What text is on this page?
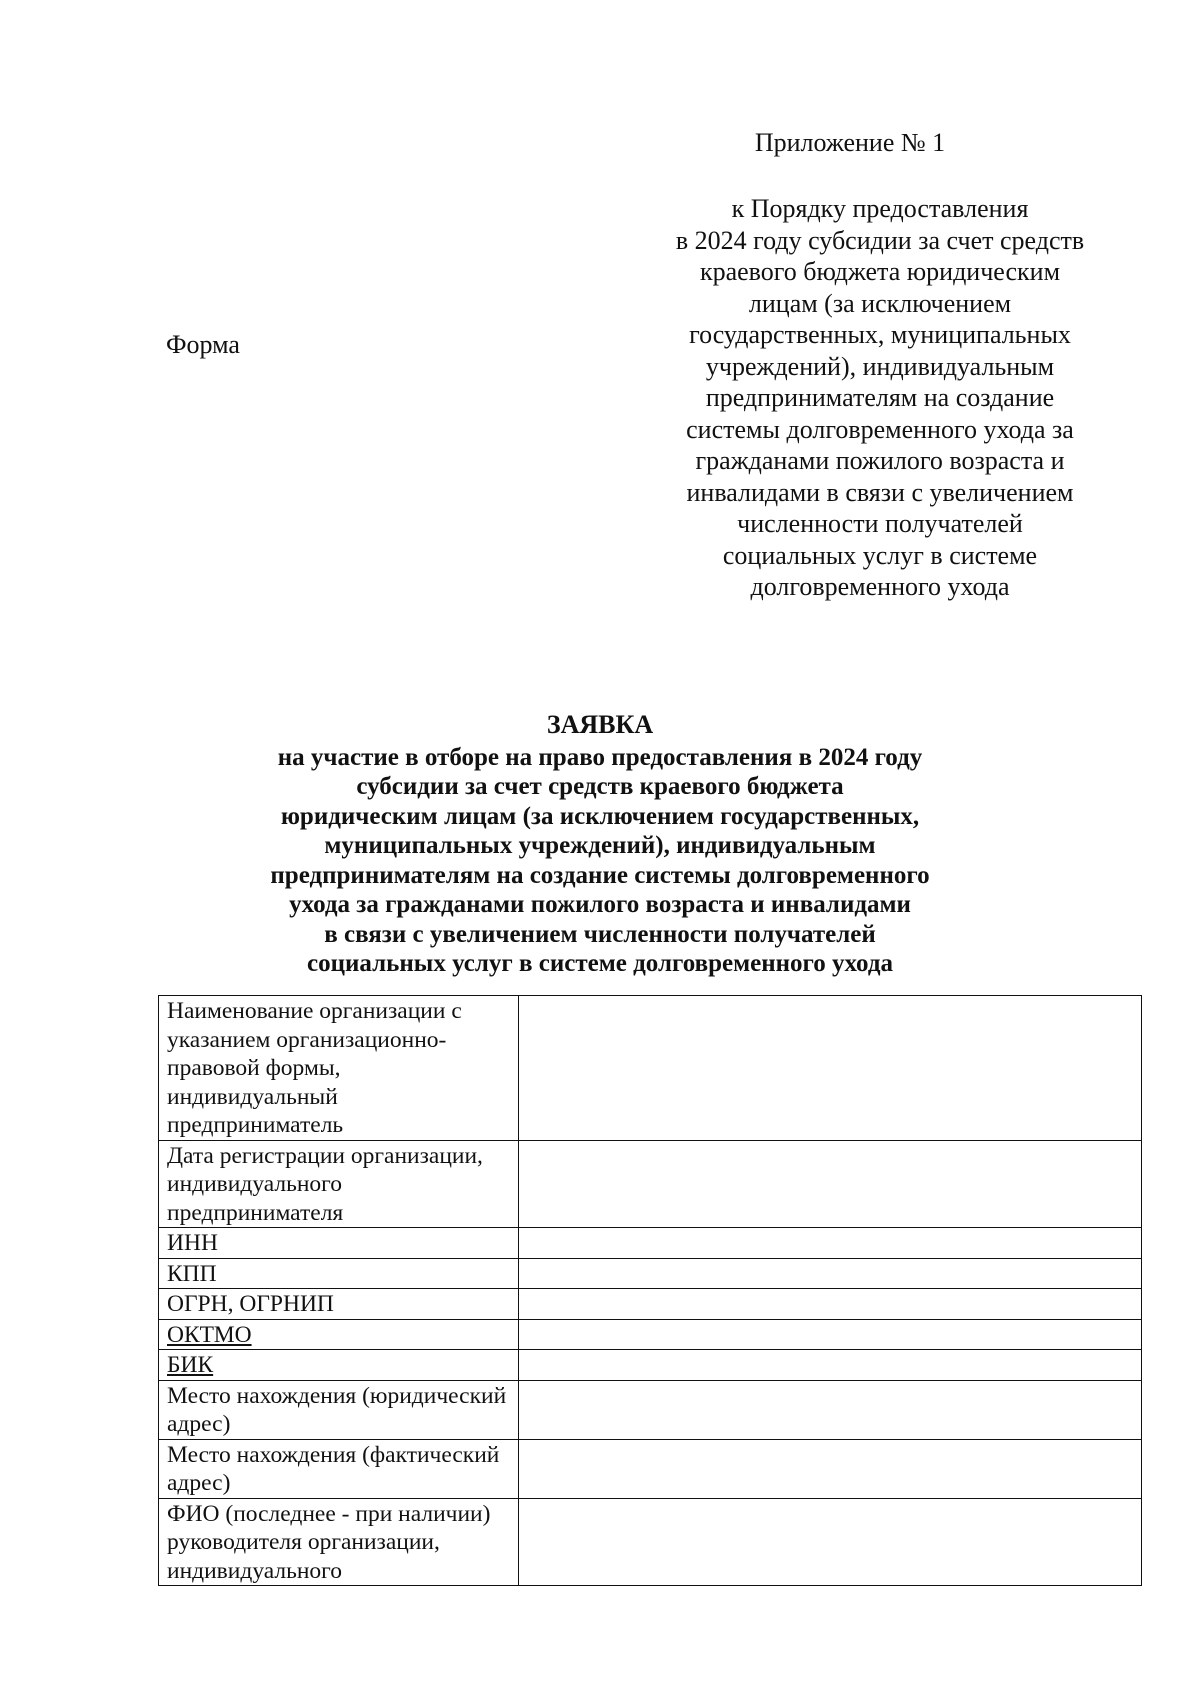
Приложение № 1
Форма
к Порядку предоставления
в 2024 году субсидии за счет средств
краевого бюджета юридическим
лицам (за исключением
государственных, муниципальных
учреждений), индивидуальным
предпринимателям на создание
системы долговременного ухода за
гражданами пожилого возраста и
инвалидами в связи с увеличением
численности получателей
социальных услуг в системе
долговременного ухода
ЗАЯВКА
на участие в отборе на право предоставления в 2024 году
субсидии за счет средств краевого бюджета
юридическим лицам (за исключением государственных,
муниципальных учреждений), индивидуальным
предпринимателям на создание системы долговременного
ухода за гражданами пожилого возраста и инвалидами
в связи с увеличением численности получателей
социальных услуг в системе долговременного ухода
Наименование организации с указанием организационно-правовой формы, индивидуальный предприниматель	
Дата регистрации организации, индивидуального предпринимателя	
ИНН	
КПП	
ОГРН, ОГРНИП	
ОКТМО	
БИК	
Место нахождения (юридический адрес)	
Место нахождения (фактический адрес)	
ФИО (последнее - при наличии) руководителя организации, индивидуального	
